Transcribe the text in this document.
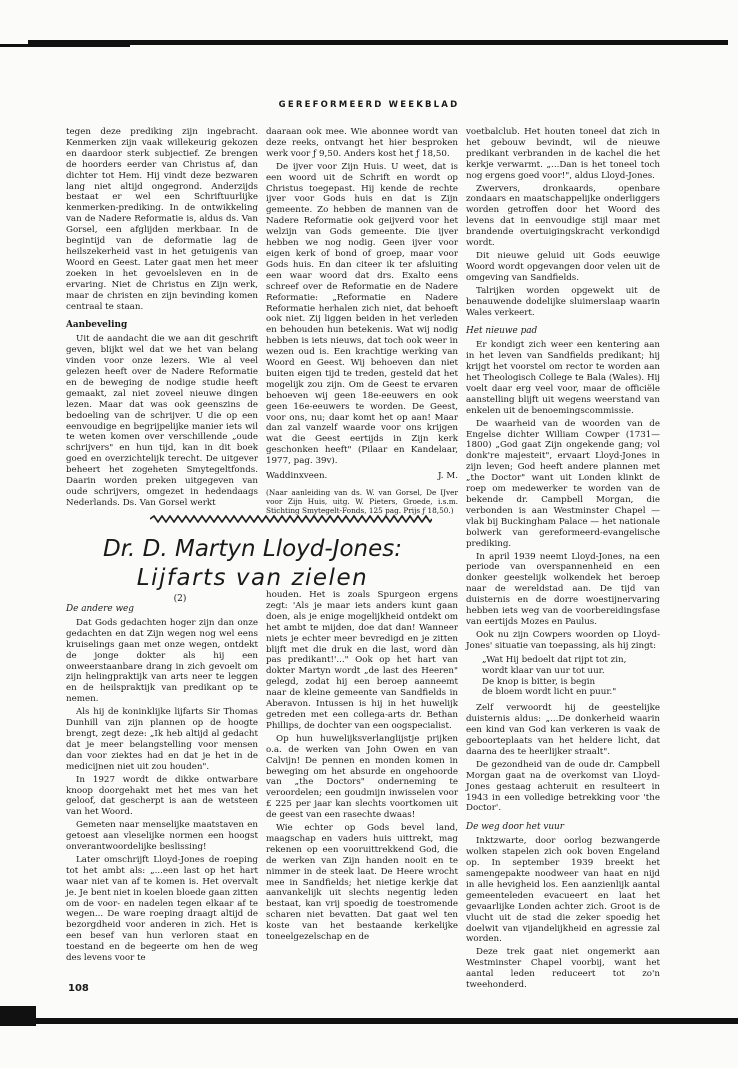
GEREFORMEERD WEEKBLAD

tegen deze prediking zijn ingebracht. Kenmerken zijn vaak willekeurig gekozen en daardoor sterk subjectief. Ze brengen de hoorders eerder van Christus af, dan dichter tot Hem. Hij vindt deze bezwaren lang niet altijd ongegrond. Anderzijds bestaat er wel een Schriftuurlijke kenmerken-prediking. In de ontwikkeling van de Nadere Reformatie is, aldus ds. Van Gorsel, een afglijden merkbaar. In de begintijd van de deformatie lag de heilszekerheid vast in het getuigenis van Woord en Geest. Later gaat men het meer zoeken in het gevoelsleven en in de ervaring. Niet de Christus en Zijn werk, maar de christen en zijn bevinding komen centraal te staan.

Aanbeveling

Uit de aandacht die we aan dit geschrift geven, blijkt wel dat we het van belang vinden voor onze lezers. Wie al veel gelezen heeft over de Nadere Reformatie en de beweging de nodige studie heeft gemaakt, zal niet zoveel nieuwe dingen lezen. Maar dat was ook geenszins de bedoeling van de schrijver. U die op een eenvoudige en begrijpelijke manier iets wil te weten komen over verschillende „oude schrijvers" en hun tijd, kan in dit boek goed en overzichtelijk terecht. De uitgever beheert het zogeheten Smytegeltfonds. Daarin worden preken uitgegeven van oude schrijvers, omgezet in hedendaags Nederlands. Ds. Van Gorsel werkt

daaraan ook mee. Wie abonnee wordt van deze reeks, ontvangt het hier besproken werk voor ƒ 9,50. Anders kost het ƒ 18,50.

De ijver voor Zijn Huis. U weet, dat is een woord uit de Schrift en wordt op Christus toegepast. Hij kende de rechte ijver voor Gods huis en dat is Zijn gemeente. Zo hebben de mannen van de Nadere Reformatie ook geijverd voor het welzijn van Gods gemeente. Die ijver hebben we nog nodig. Geen ijver voor eigen kerk of bond of groep, maar voor Gods huis. En dan citeer ik ter afsluiting een waar woord dat drs. Exalto eens schreef over de Reformatie en de Nadere Reformatie: „Reformatie en Nadere Reformatie herhalen zich niet, dat behoeft ook niet. Zij liggen beiden in het verleden en behouden hun betekenis. Wat wij nodig hebben is iets nieuws, dat toch ook weer in wezen oud is. Een krachtige werking van Woord en Geest. Wij behoeven dan niet buiten eigen tijd te treden, gesteld dat het mogelijk zou zijn. Om de Geest te ervaren behoeven wij geen 18e-eeuwers en ook geen 16e-eeuwers te worden. De Geest, voor ons, nu; daar komt het op aan! Maar dan zal vanzelf waarde voor ons krijgen wat die Geest eertijds in Zijn kerk geschonken heeft" (Pilaar en Kandelaar, 1977, pag. 39v).

Waddinxveen.	J. M.

(Naar aanleiding van ds. W. van Gorsel, De IJver voor Zijn Huis, uitg. W. Pieters, Groede, i.s.m. Stichting Smytegelt-Fonds, 125 pag. Prijs ƒ 18,50.)

voetbalclub. Het houten toneel dat zich in het gebouw bevindt, wil de nieuwe predikant verbranden in de kachel die het kerkje verwarmt. „...Dan is het toneel toch nog ergens goed voor!", aldus Lloyd-Jones.

Zwervers, dronkaards, openbare zondaars en maatschappelijke onderliggers worden getroffen door het Woord des levens dat in eenvoudige stijl maar met brandende overtuigingskracht verkondigd wordt.

Dit nieuwe geluid uit Gods eeuwige Woord wordt opgevangen door velen uit de omgeving van Sandfields.

Talrijken worden opgewekt uit de benauwende dodelijke sluimerslaap waarin Wales verkeert.

Het nieuwe pad

Er kondigt zich weer een kentering aan in het leven van Sandfields predikant; hij krijgt het voorstel om rector te worden aan het Theologisch College te Bala (Wales). Hij voelt daar erg veel voor, maar de officiële aanstelling blijft uit wegens weerstand van enkelen uit de benoemingscommissie.

De waarheid van de woorden van de Engelse dichter William Cowper (1731—1800) „God gaat Zijn ongekende gang; vol donk're majesteit", ervaart Lloyd-Jones in zijn leven; God heeft andere plannen met „the Doctor" want uit Londen klinkt de roep om medewerker te worden van de bekende dr. Campbell Morgan, die verbonden is aan Westminster Chapel — vlak bij Buckingham Palace — het nationale bolwerk van gereformeerd-evangelische prediking.

In april 1939 neemt Lloyd-Jones, na een periode van overspannenheid en een donker geestelijk wolkendek het beroep naar de wereldstad aan. De tijd van duisternis en de dorre woestijnervaring hebben iets weg van de voorbereidingsfase van eertijds Mozes en Paulus.

Ook nu zijn Cowpers woorden op Lloyd-Jones' situatie van toepassing, als hij zingt:

„Wat Hij bedoelt dat rijpt tot zin,
wordt klaar van uur tot uur.
De knop is bitter, is begin
de bloem wordt licht en puur."

Zelf verwoordt hij de geestelijke duisternis aldus: „...De donkerheid waarin een kind van God kan verkeren is vaak de geboorteplaats van het heldere licht, dat daarna des te heerlijker straalt".

De gezondheid van de oude dr. Campbell Morgan gaat na de overkomst van Lloyd-Jones gestaag achteruit en resulteert in 1943 in een volledige betrekking voor 'the Doctor'.

De weg door het vuur

Inktzwarte, door oorlog bezwangerde wolken stapelen zich ook boven Engeland op. In september 1939 breekt het samengepakte noodweer van haat en nijd in alle hevigheid los. Een aanzienlijk aantal gemeenteleden evacueert en laat het gevaarlijke Londen achter zich. Groot is de vlucht uit de stad die zeker spoedig het doelwit van vijandelijkheid en agressie zal worden.

Deze trek gaat niet ongemerkt aan Westminster Chapel voorbij, want het aantal leden reduceert tot zo'n tweehonderd.

Dr. D. Martyn Lloyd-Jones:
Lijfarts van zielen
(2)
De andere weg

Dat Gods gedachten hoger zijn dan onze gedachten en dat Zijn wegen nog wel eens kruiselings gaan met onze wegen, ontdekt de jonge dokter als hij een onweerstaanbare drang in zich gevoelt om zijn helingpraktijk van arts neer te leggen en de heilspraktijk van predikant op te nemen.

Als hij de koninklijke lijfarts Sir Thomas Dunhill van zijn plannen op de hoogte brengt, zegt deze: „Ik heb altijd al gedacht dat je meer belangstelling voor mensen dan voor ziektes had en dat je het in de medicijnen niet uit zou houden".

In 1927 wordt de dikke ontwarbare knoop doorgehakt met het mes van het geloof, dat gescherpt is aan de wetsteen van het Woord.

Gemeten naar menselijke maatstaven en getoest aan vleselijke normen een hoogst onverantwoordelijke beslissing!

Later omschrijft Lloyd-Jones de roeping tot het ambt als: „...een last op het hart waar niet van af te komen is. Het overvalt je. Je bent niet in koelen bloede gaan zitten om de voor- en nadelen tegen elkaar af te wegen... De ware roeping draagt altijd de bezorgdheid voor anderen in zich. Het is een besef van hun verloren staat en toestand en de begeerte om hen de weg des levens voor te

houden. Het is zoals Spurgeon ergens zegt: 'Als je maar iets anders kunt gaan doen, als je enige mogelijkheid ontdekt om het ambt te mijden, doe dat dan! Wanneer niets je echter meer bevredigd en je zitten blijft met die druk en die last, word dàn pas predikant!'..." Ook op het hart van dokter Martyn wordt „de last des Heeren" gelegd, zodat hij een beroep aanneemt naar de kleine gemeente van Sandfields in Aberavon. Intussen is hij in het huwelijk getreden met een collega-arts dr. Bethan Phillips, de dochter van een oogspecialist.

Op hun huwelijksverlanglijstje prijken o.a. de werken van John Owen en van Calvijn! De pennen en monden komen in beweging om het absurde en ongehoorde van „the Doctors" onderneming te veroordelen; een goudmijn inwisselen voor £ 225 per jaar kan slechts voortkomen uit de geest van een rasechte dwaas!

Wie echter op Gods bevel land, maagschap en vaders huis uittrekt, mag rekenen op een vooruittrekkend God, die de werken van Zijn handen nooit en te nimmer in de steek laat. De Heere wrocht mee in Sandfields; het nietige kerkje dat aanvankelijk uit slechts negentig leden bestaat, kan vrij spoedig de toestromende scharen niet bevatten. Dat gaat wel ten koste van het bestaande kerkelijke toneelgezelschap en de

108
